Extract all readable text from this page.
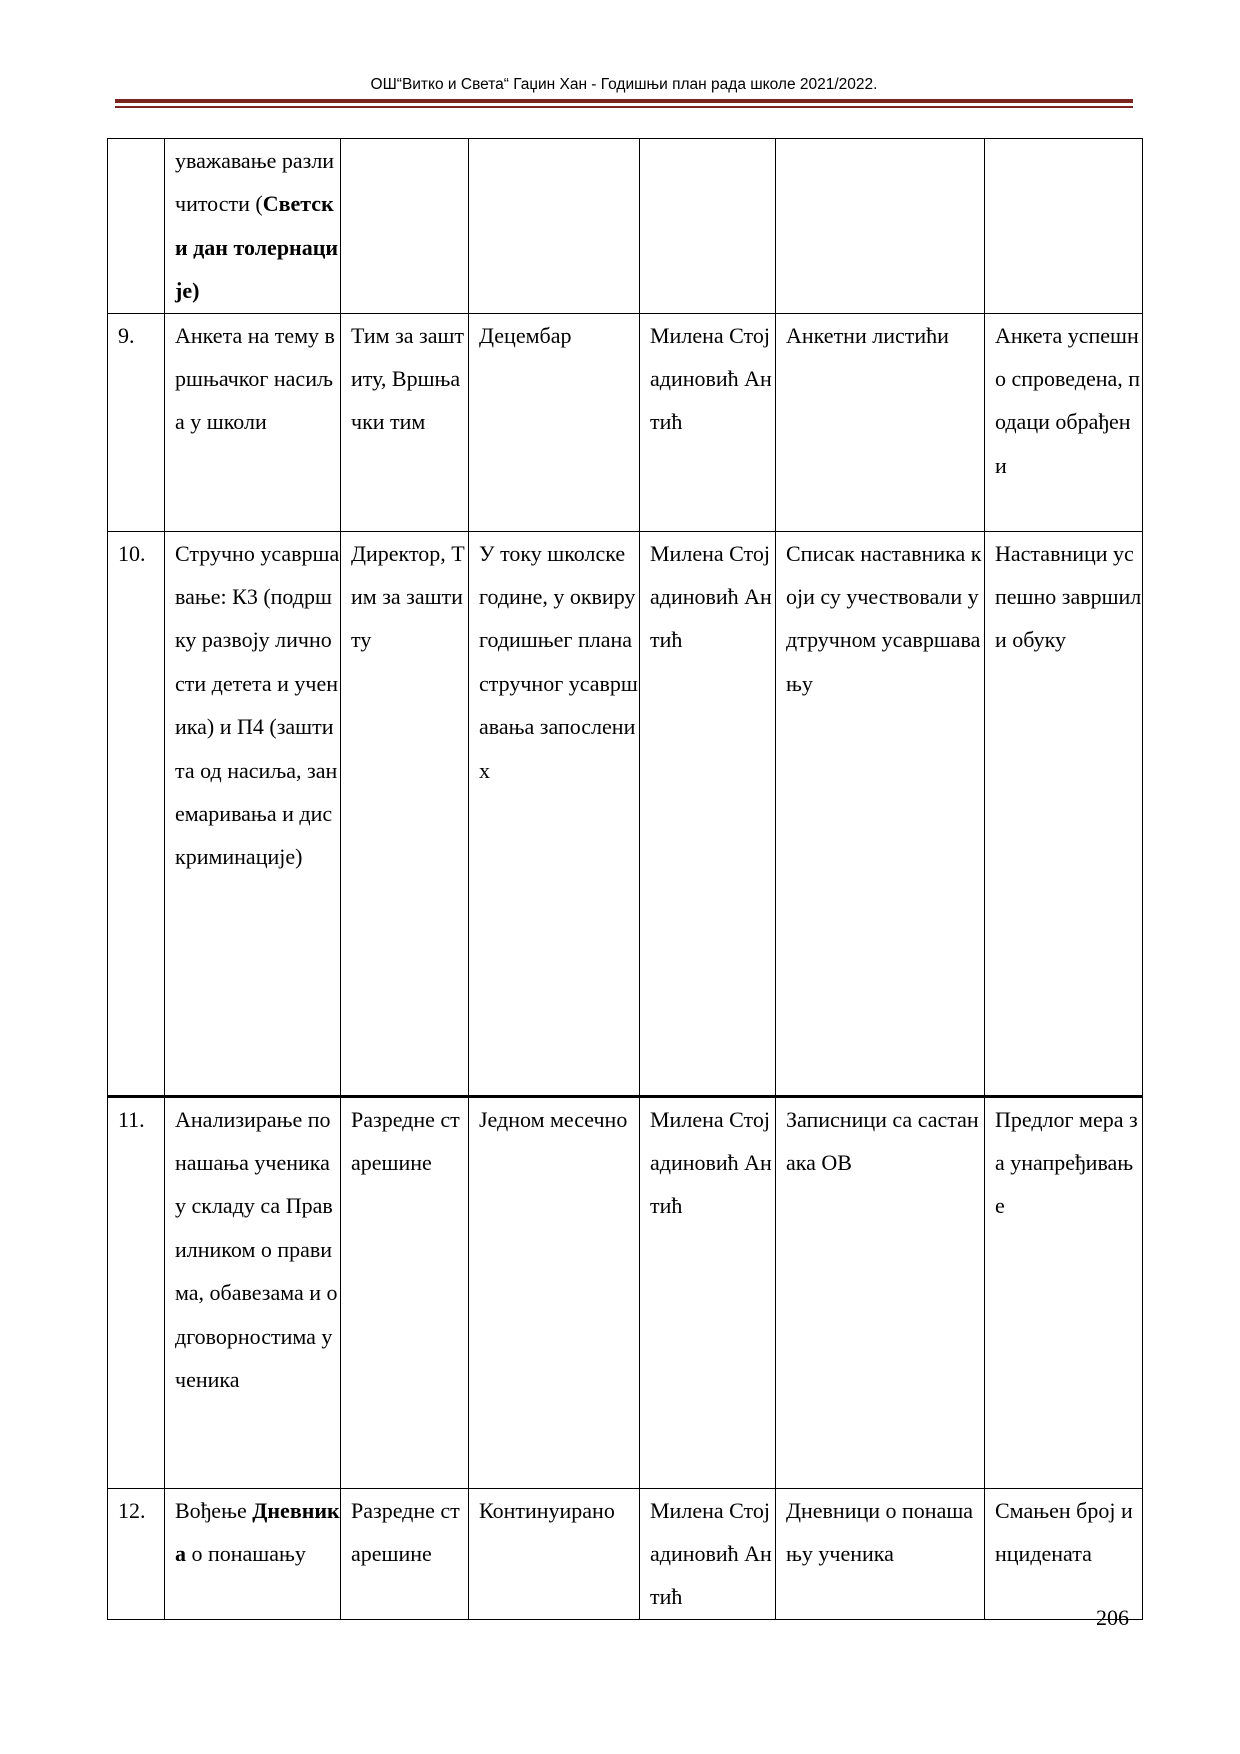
ОШ“Витко и Света“ Гаџин Хан - Годишњи план рада школе 2021/2022.
	уважавање различитости (Светски дан толернације)					
9.	Анкета на тему вршњачког насиља у школи	Тим за заштиту, Вршњачки тим	Децембар	Милена Стојадиновић Антић	Анкетни листићи	Анкета успешно спроведена, подаци обрађени
10.	Стручно усавршавање: К3 (подршку развоју личности детета и ученика) и П4 (заштита од насиља, занемаривања и дискриминације)	Директор, Тим за заштиту	У току школске године, у оквиру годишњег плана стручног усавршавања запослених	Милена Стојадиновић Антић	Списак наставника који су учествовали у дтручном усавршавању	Наставници успешно завршили обуку
11.	Анализирање понашања ученика у складу са Правилником о правима, обавезама и одговорностима ученика	Разредне старешине	Једном месечно	Милена Стојадиновић Антић	Записници са састанака ОВ	Предлог мера за унапређивање
12.	Вођење Дневника о понашању	Разредне старешине	Континуирано	Милена Стојадиновић Антић	Дневници о понашању ученика	Смањен број инцидената
206
